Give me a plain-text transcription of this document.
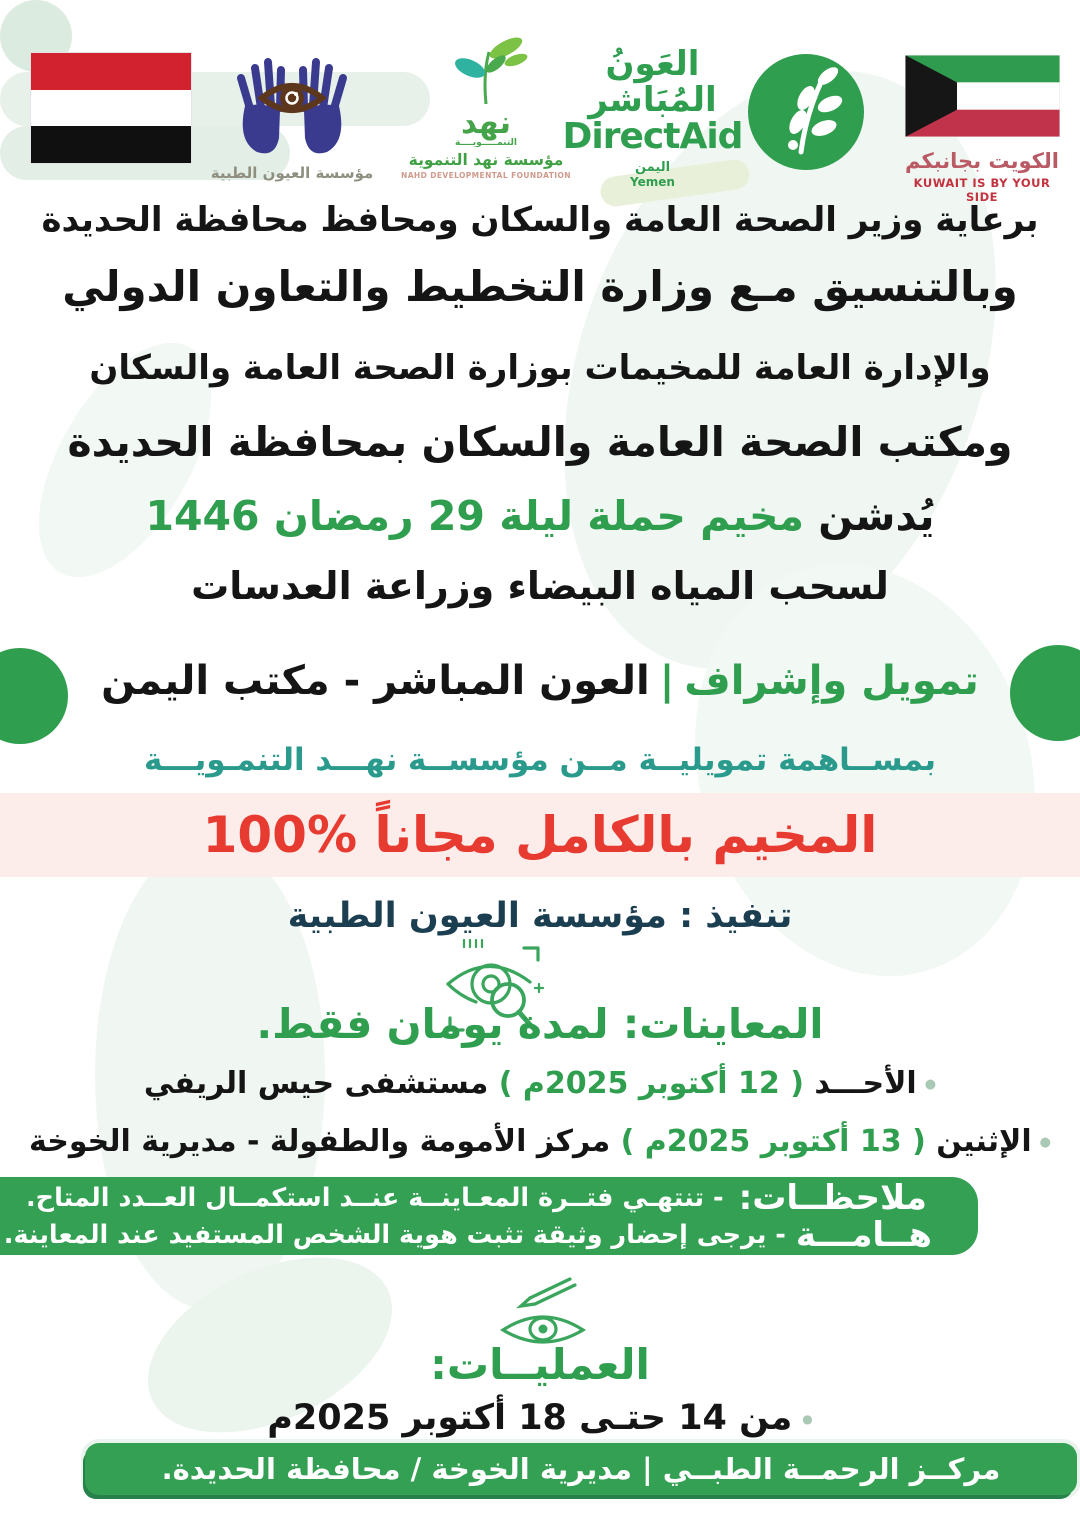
مؤسسة العيون الطبية
نهد
التنمـــــويــــة
مؤسسة نهد التنموية
NAHD DEVELOPMENTAL FOUNDATION
العَونُ المُبَاشر
DirectAid
اليمن
Yemen
الكويت بجانبكم
KUWAIT IS BY YOUR SIDE
برعاية وزير الصحة العامة والسكان ومحافظ محافظة الحديدة
وبالتنسيق مـع وزارة التخطيط والتعاون الدولي
والإدارة العامة للمخيمات بوزارة الصحة العامة والسكان
ومكتب الصحة العامة والسكان بمحافظة الحديدة
يُدشن مخيم حملة ليلة 29 رمضان 1446
لسحب المياه البيضاء وزراعة العدسات
تمويل وإشراف|العون المباشر - مكتب اليمن
بمســاهمة تمويليــة مــن مؤسســة نهـــد التنمـويـــة
المخيم بالكامل مجاناً %100
تنفيذ : مؤسسة العيون الطبية
المعاينات: لمدة يومان فقط.
●الأحـــد ( 12 أكتوبر 2025م ) مستشفى حيس الريفي
●الإثنين ( 13 أكتوبر 2025م ) مركز الأمومة والطفولة - مديرية الخوخة
ملاحظــات:
- تنتهـي فتــرة المعـاينــة عنــد استكمــال العــدد المتاح.
هــامـــة
- يرجى إحضار وثيقة تثبت هوية الشخص المستفيد عند المعاينة.
العمليــات:
●من 14 حتـى 18 أكتوبر 2025م
مركــز الرحمــة الطبــي | مديرية الخوخة / محافظة الحديدة.
